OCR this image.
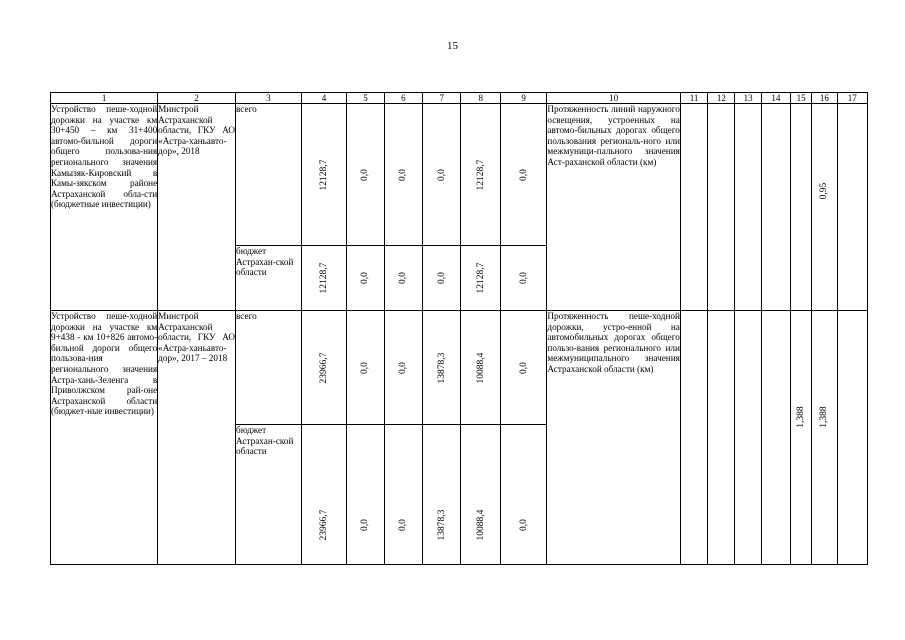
15
1	2	3	4	5	6	7	8	9	10	11	12	13	14	15	16	17
Устройство пеше-ходной дорожки на участке км 30+450 – км 31+400 автомо-бильной дороги общего пользова-ния регионального значения Камызяк-Кировский в Камы-зякском районе Астраханской обла-сти (бюджетные инвестиции)	Минстрой Астраханской области, ГКУ АО «Астра-ханьавто-дор», 2018	всего	12128,7	0,0	0,0	0,0	12128,7	0,0	Протяженность линий наружного освещения, устроенных на автомо-бильных дорогах общего пользования региональ-ного или межмуници-пального значения Аст-раханской области (км)						0,95	

		бюджет Астрахан-ской области	12128,7	0,0	0,0	0,0	12128,7	0,0								

Устройство пеше-ходной дорожки на участке км 9+438 - км 10+826 автомо-бильной дороги общего пользова-ния регионального значения Астра-хань-Зеленга в Приволжском рай-оне Астраханской области (бюджет-ные инвестиции)	Минстрой Астраханской области, ГКУ АО «Астра-ханьавто-дор», 2017 – 2018	всего	23966,7	0,0	0,0	13878,3	10088,4	0,0	Протяженность пеше-ходной дорожки, устро-енной на автомобильных дорогах общего пользо-вания регионального или межмуниципального значения Астраханской области (км)					1,388	1,388	

		бюджет Астрахан-ской области	23966,7	0,0	0,0	13878,3	10088,4	0,0								
